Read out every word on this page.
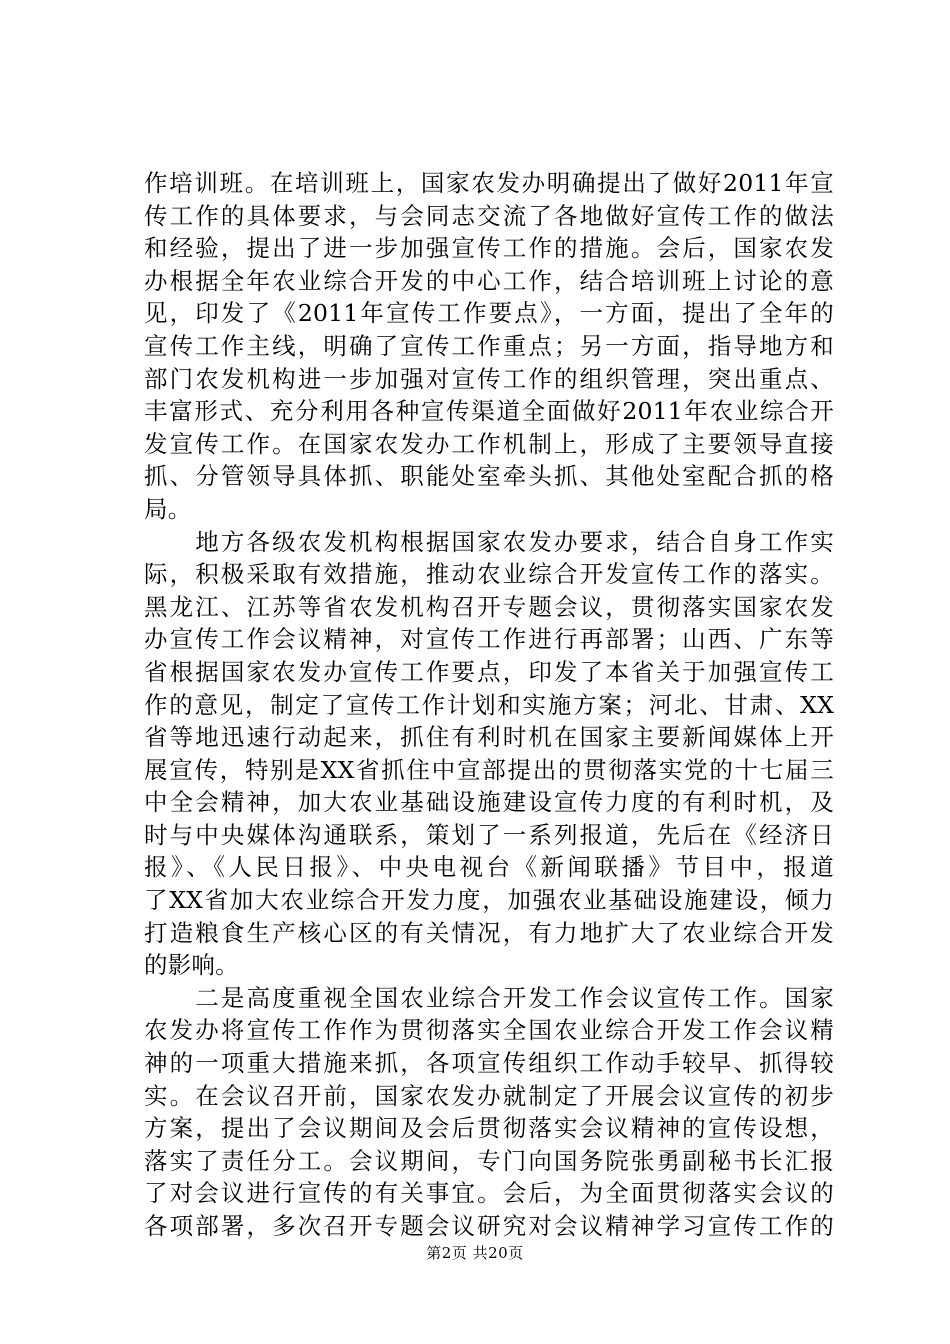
作培训班。在培训班上，国家农发办明确提出了做好2011年宣
传工作的具体要求，与会同志交流了各地做好宣传工作的做法
和经验，提出了进一步加强宣传工作的措施。会后，国家农发
办根据全年农业综合开发的中心工作，结合培训班上讨论的意
见，印发了《2011年宣传工作要点》，一方面，提出了全年的
宣传工作主线，明确了宣传工作重点；另一方面，指导地方和
部门农发机构进一步加强对宣传工作的组织管理，突出重点、
丰富形式、充分利用各种宣传渠道全面做好2011年农业综合开
发宣传工作。在国家农发办工作机制上，形成了主要领导直接
抓、分管领导具体抓、职能处室牵头抓、其他处室配合抓的格
局。
　　地方各级农发机构根据国家农发办要求，结合自身工作实
际，积极采取有效措施，推动农业综合开发宣传工作的落实。
黑龙江、江苏等省农发机构召开专题会议，贯彻落实国家农发
办宣传工作会议精神，对宣传工作进行再部署；山西、广东等
省根据国家农发办宣传工作要点，印发了本省关于加强宣传工
作的意见，制定了宣传工作计划和实施方案；河北、甘肃、XX
省等地迅速行动起来，抓住有利时机在国家主要新闻媒体上开
展宣传，特别是XX省抓住中宣部提出的贯彻落实党的十七届三
中全会精神，加大农业基础设施建设宣传力度的有利时机，及
时与中央媒体沟通联系，策划了一系列报道，先后在《经济日
报》、《人民日报》、中央电视台《新闻联播》节目中，报道
了XX省加大农业综合开发力度，加强农业基础设施建设，倾力
打造粮食生产核心区的有关情况，有力地扩大了农业综合开发
的影响。
　　二是高度重视全国农业综合开发工作会议宣传工作。国家
农发办将宣传工作作为贯彻落实全国农业综合开发工作会议精
神的一项重大措施来抓，各项宣传组织工作动手较早、抓得较
实。在会议召开前，国家农发办就制定了开展会议宣传的初步
方案，提出了会议期间及会后贯彻落实会议精神的宣传设想，
落实了责任分工。会议期间，专门向国务院张勇副秘书长汇报
了对会议进行宣传的有关事宜。会后，为全面贯彻落实会议的
各项部署，多次召开专题会议研究对会议精神学习宣传工作的
第2页 共20页
